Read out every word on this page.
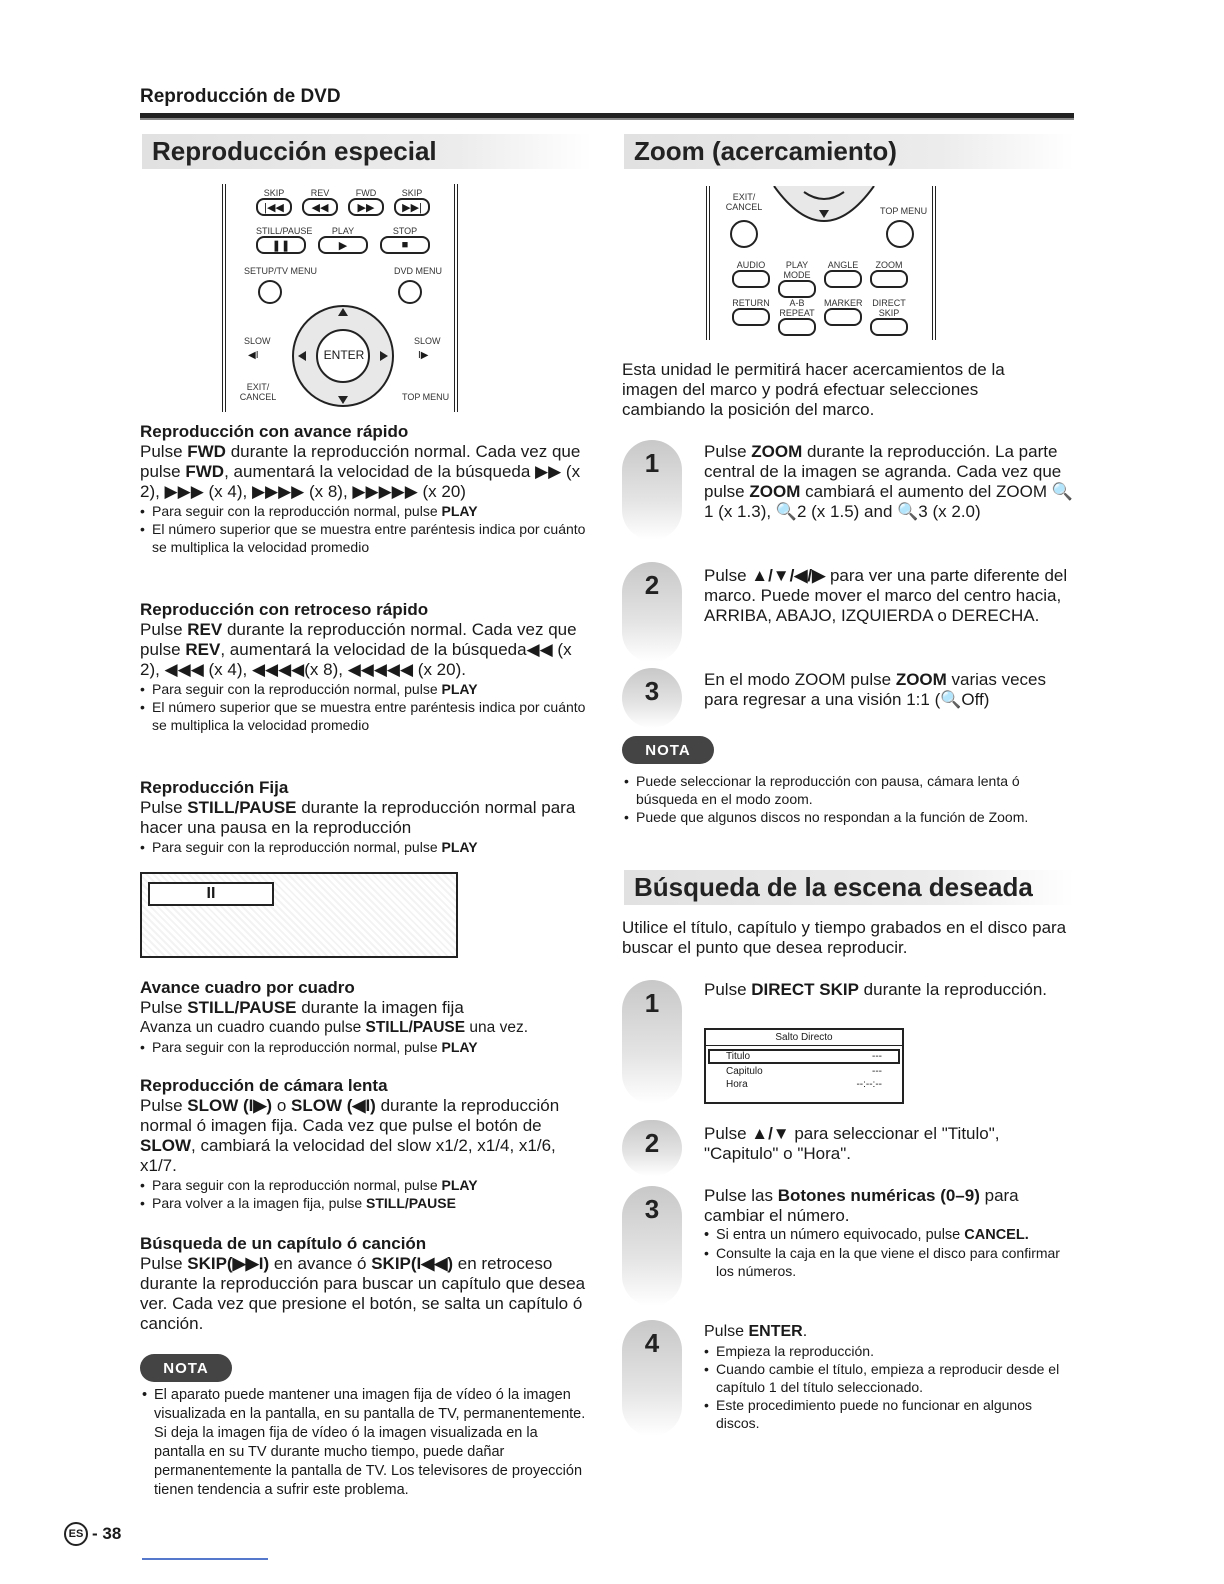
Reproducción de DVD
Reproducción especial
SKIP
|◀◀
REV
◀◀
FWD
▶▶
SKIP
▶▶|
STILL/PAUSE
❚❚
PLAY
▶
STOP
■
SETUP/TV MENU	DVD MENU
ENTER
SLOW	SLOW
◀I	I▶
EXIT/ CANCEL	TOP MENU
Reproducción con avance rápido
Pulse FWD durante la reproducción normal. Cada vez que pulse FWD, aumentará la velocidad de la búsqueda ▶▶ (x 2), ▶▶▶ (x 4), ▶▶▶▶ (x 8), ▶▶▶▶▶ (x 20)
• Para seguir con la reproducción normal, pulse PLAY
• El número superior que se muestra entre paréntesis indica por cuánto se multiplica la velocidad promedio
Reproducción con retroceso rápido
Pulse REV durante la reproducción normal. Cada vez que pulse REV, aumentará la velocidad de la búsqueda◀◀ (x 2), ◀◀◀ (x 4), ◀◀◀◀(x 8), ◀◀◀◀◀ (x 20).
• Para seguir con la reproducción normal, pulse PLAY
• El número superior que se muestra entre paréntesis indica por cuánto se multiplica la velocidad promedio
Reproducción Fija
Pulse STILL/PAUSE durante la reproducción normal para hacer una pausa en la reproducción
• Para seguir con la reproducción normal, pulse PLAY
II
Avance cuadro por cuadro
Pulse STILL/PAUSE durante la imagen fija
Avanza un cuadro cuando pulse STILL/PAUSE una vez.
• Para seguir con la reproducción normal, pulse PLAY
Reproducción de cámara lenta
Pulse SLOW (I▶) o SLOW (◀I) durante la reproducción normal ó imagen fija. Cada vez que pulse el botón de SLOW, cambiará la velocidad del slow x1/2, x1/4, x1/6, x1/7.
• Para seguir con la reproducción normal, pulse PLAY
• Para volver a la imagen fija, pulse STILL/PAUSE
Búsqueda de un capítulo ó canción
Pulse SKIP(▶▶I) en avance ó SKIP(I◀◀) en retroceso durante la reproducción para buscar un capítulo que desea ver. Cada vez que presione el botón, se salta un capítulo ó canción.
NOTA
• El aparato puede mantener una imagen fija de vídeo ó la imagen visualizada en la pantalla, en su pantalla de TV, permanentemente. Si deja la imagen fija de vídeo ó la imagen visualizada en la pantalla en su TV durante mucho tiempo, puede dañar permanentemente la pantalla de TV. Los televisores de proyección tienen tendencia a sufrir este problema.
ES - 38
Zoom (acercamiento)
EXIT/ CANCEL	TOP MENU
AUDIO	PLAY MODE
ANGLE	ZOOM
RETURN	A-B REPEAT
MARKER DIRECT SKIP
Esta unidad le permitirá hacer acercamientos de la imagen del marco y podrá efectuar selecciones cambiando la posición del marco.
1	Pulse ZOOM durante la reproducción. La parte central de la imagen se agranda. Cada vez que pulse ZOOM cambiará el aumento del ZOOM 🔍1 (x 1.3), 🔍2 (x 1.5) and 🔍3 (x 2.0)
2	Pulse ▲/▼/◀/▶ para ver una parte diferente del marco. Puede mover el marco del centro hacia, ARRIBA, ABAJO, IZQUIERDA o DERECHA.
3	En el modo ZOOM pulse ZOOM varias veces para regresar a una visión 1:1 (🔍Off)
NOTA
• Puede seleccionar la reproducción con pausa, cámara lenta ó búsqueda en el modo zoom.
• Puede que algunos discos no respondan a la función de Zoom.
Búsqueda de la escena deseada
Utilice el título, capítulo y tiempo grabados en el disco para buscar el punto que desea reproducir.
1	Pulse DIRECT SKIP durante la reproducción.
Salto Directo
Titulo	---
Capitulo	---
Hora	--:--:--
2	Pulse ▲/▼ para seleccionar el "Titulo", "Capitulo" o "Hora".
3	Pulse las Botones numéricas (0–9) para cambiar el número.
• Si entra un número equivocado, pulse CANCEL.
• Consulte la caja en la que viene el disco para confirmar los números.
4	Pulse ENTER.
• Empieza la reproducción.
• Cuando cambie el título, empieza a reproducir desde el capítulo 1 del título seleccionado.
• Este procedimiento puede no funcionar en algunos discos.
